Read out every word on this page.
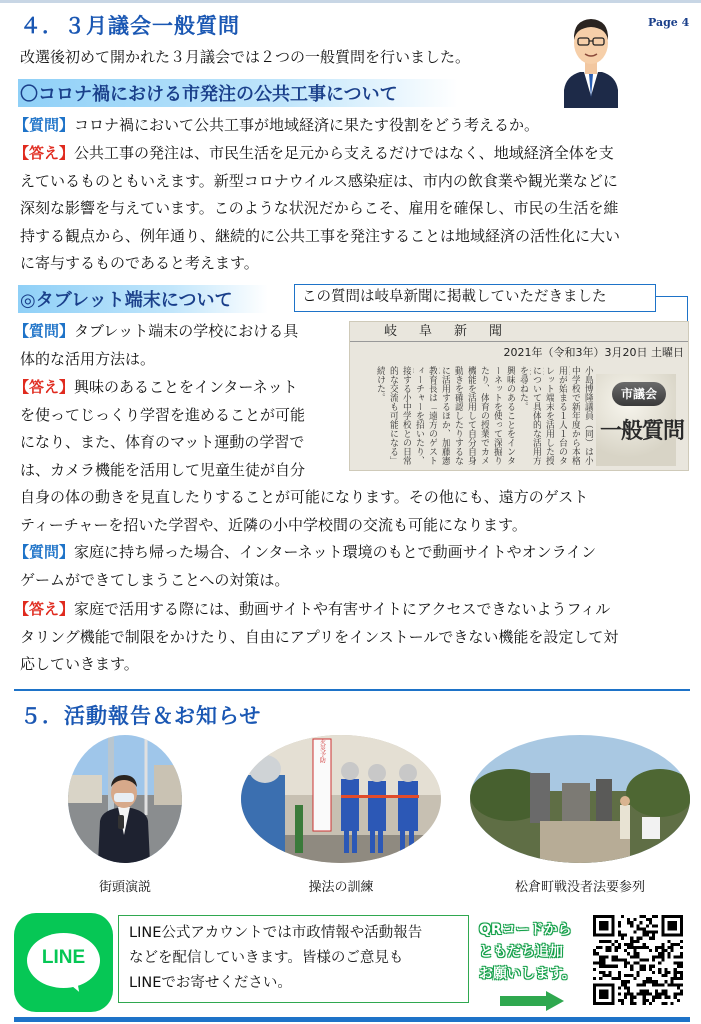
４．３月議会一般質問	Page 4
改選後初めて開かれた３月議会では２つの一般質問を行いました。
〇コロナ禍における市発注の公共工事について
【質問】コロナ禍において公共工事が地域経済に果たす役割をどう考えるか。
【答え】公共工事の発注は、市民生活を足元から支えるだけではなく、地域経済全体を支
えているものともいえます。新型コロナウイルス感染症は、市内の飲食業や観光業などに
深刻な影響を与えています。このような状況だからこそ、雇用を確保し、市民の生活を維
持する観点から、例年通り、継続的に公共工事を発注することは地域経済の活性化に大い
に寄与するものであると考えます。
◎タブレット端末について	この質問は岐阜新聞に掲載していただきました
岐阜新聞
2021年（令和3年）3月20日 土曜日
小島博隆議員（同）は小
中学校で新年度から本格
用が始まる１人１台のタ
レット端末を活用した授
について具体的な活用方
を尋ねた。
興味のあることをインタ
ーネットを使って深掘り
たり、体育の授業でカメ
機能を活用して自分自身
動きを確認したりするな
に活用するほか、加藤憲
教育長は「遠方のゲスト
ィーチャーを招いたり、
接する小中学校との日常
的な交流も可能になる」
続けた。	市議会
一般質問
【質問】タブレット端末の学校における具
体的な活用方法は。
【答え】興味のあることをインターネット
を使ってじっくり学習を進めることが可能
になり、また、体育のマット運動の学習で
は、カメラ機能を活用して児童生徒が自分
自身の体の動きを見直したりすることが可能になります。その他にも、遠方のゲスト
ティーチャーを招いた学習や、近隣の小中学校間の交流も可能になります。
【質問】家庭に持ち帰った場合、インターネット環境のもとで動画サイトやオンライン
ゲームができてしまうことへの対策は。
【答え】家庭で活用する際には、動画サイトや有害サイトにアクセスできないようフィル
タリング機能で制限をかけたり、自由にアプリをインストールできない機能を設定して対
応していきます。
５．活動報告＆お知らせ
街頭演説
火災予防
操法の訓練	松倉町戦没者法要参列
LINE
LINE公式アカウントでは市政情報や活動報告
などを配信していきます。皆様のご意見も
LINEでお寄せください。
QRコードから
ともだち追加
お願いします。
